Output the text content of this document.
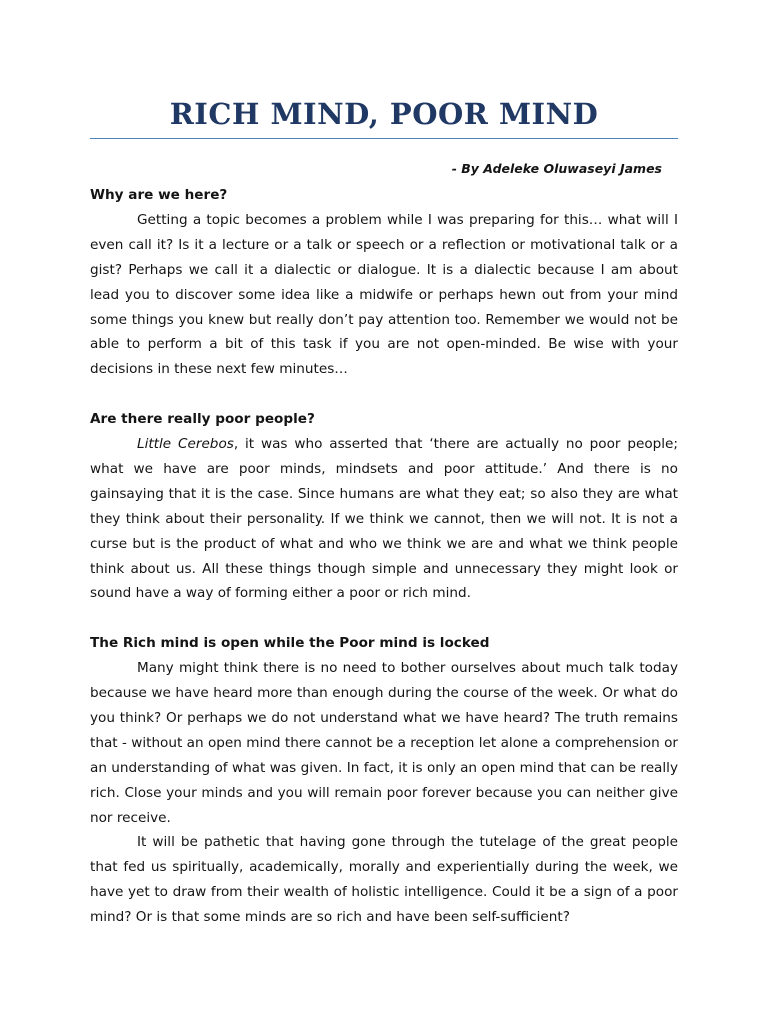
RICH MIND, POOR MIND
- By Adeleke Oluwaseyi James
Why are we here?

Getting a topic becomes a problem while I was preparing for this… what will I even call it? Is it a lecture or a talk or speech or a reflection or motivational talk or a gist? Perhaps we call it a dialectic or dialogue. It is a dialectic because I am about lead you to discover some idea like a midwife or perhaps hewn out from your mind some things you knew but really don’t pay attention too. Remember we would not be able to perform a bit of this task if you are not open-minded. Be wise with your decisions in these next few minutes…

Are there really poor people?

Little Cerebos, it was who asserted that ‘there are actually no poor people; what we have are poor minds, mindsets and poor attitude.’ And there is no gainsaying that it is the case. Since humans are what they eat; so also they are what they think about their personality. If we think we cannot, then we will not. It is not a curse but is the product of what and who we think we are and what we think people think about us. All these things though simple and unnecessary they might look or sound have a way of forming either a poor or rich mind.

The Rich mind is open while the Poor mind is locked

Many might think there is no need to bother ourselves about much talk today because we have heard more than enough during the course of the week. Or what do you think? Or perhaps we do not understand what we have heard? The truth remains that - without an open mind there cannot be a reception let alone a comprehension or an understanding of what was given. In fact, it is only an open mind that can be really rich. Close your minds and you will remain poor forever because you can neither give nor receive.

It will be pathetic that having gone through the tutelage of the great people that fed us spiritually, academically, morally and experientially during the week, we have yet to draw from their wealth of holistic intelligence. Could it be a sign of a poor mind? Or is that some minds are so rich and have been self-sufficient?
